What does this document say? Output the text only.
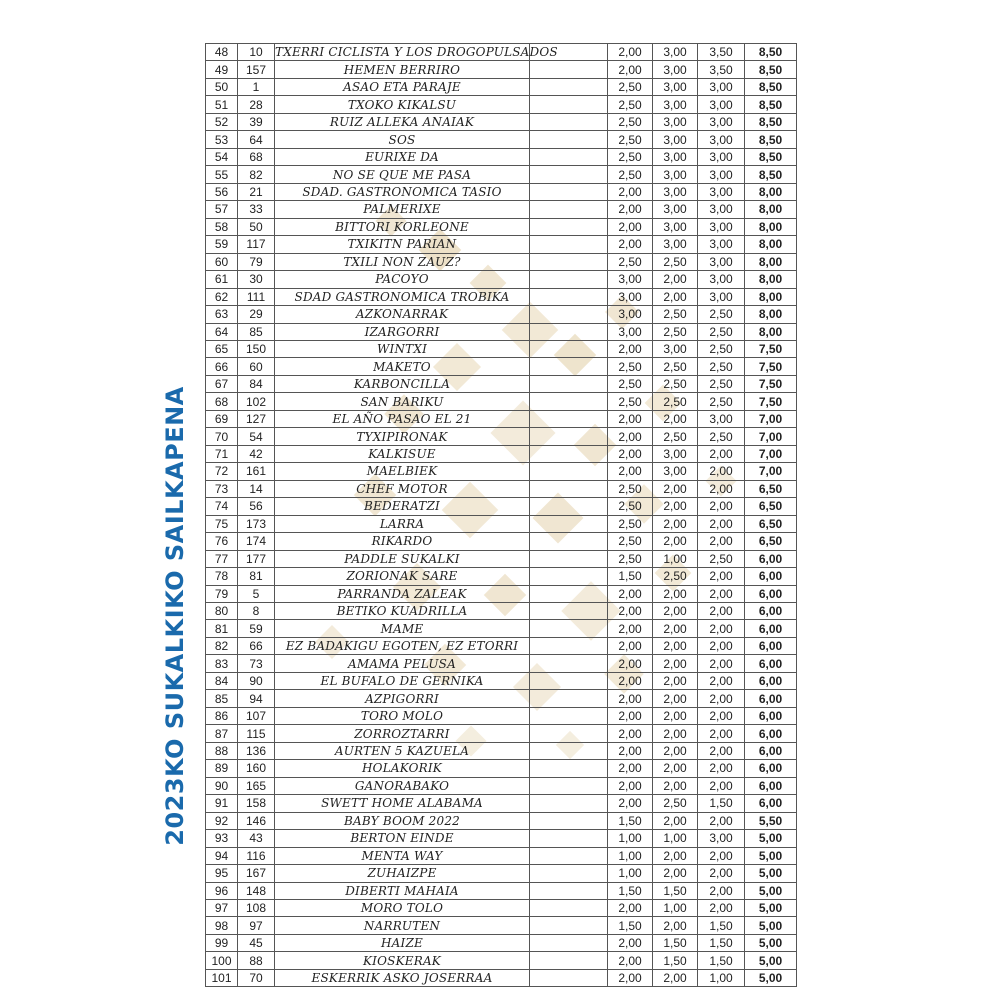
2023KO SUKALKIKO SAILKAPENA
48	10	TXERRI CICLISTA Y LOS DROGOPULSADOS		2,00	3,00	3,50	8,50
49	157	HEMEN BERRIRO		2,00	3,00	3,50	8,50
50	1	ASAO ETA PARAJE		2,50	3,00	3,00	8,50
51	28	TXOKO KIKALSU		2,50	3,00	3,00	8,50
52	39	RUIZ ALLEKA ANAIAK		2,50	3,00	3,00	8,50
53	64	SOS		2,50	3,00	3,00	8,50
54	68	EURIXE DA		2,50	3,00	3,00	8,50
55	82	NO SE QUE ME PASA		2,50	3,00	3,00	8,50
56	21	SDAD. GASTRONOMICA TASIO		2,00	3,00	3,00	8,00
57	33	PALMERIXE		2,00	3,00	3,00	8,00
58	50	BITTORI KORLEONE		2,00	3,00	3,00	8,00
59	117	TXIKITN PARIAN		2,00	3,00	3,00	8,00
60	79	TXILI NON ZAUZ?		2,50	2,50	3,00	8,00
61	30	PACOYO		3,00	2,00	3,00	8,00
62	111	SDAD GASTRONOMICA TROBIKA		3,00	2,00	3,00	8,00
63	29	AZKONARRAK		3,00	2,50	2,50	8,00
64	85	IZARGORRI		3,00	2,50	2,50	8,00
65	150	WINTXI		2,00	3,00	2,50	7,50
66	60	MAKETO		2,50	2,50	2,50	7,50
67	84	KARBONCILLA		2,50	2,50	2,50	7,50
68	102	SAN BARIKU		2,50	2,50	2,50	7,50
69	127	EL AÑO PASAO EL 21		2,00	2,00	3,00	7,00
70	54	TYXIPIRONAK		2,00	2,50	2,50	7,00
71	42	KALKISUE		2,00	3,00	2,00	7,00
72	161	MAELBIEK		2,00	3,00	2,00	7,00
73	14	CHEF MOTOR		2,50	2,00	2,00	6,50
74	56	BEDERATZI		2,50	2,00	2,00	6,50
75	173	LARRA		2,50	2,00	2,00	6,50
76	174	RIKARDO		2,50	2,00	2,00	6,50
77	177	PADDLE SUKALKI		2,50	1,00	2,50	6,00
78	81	ZORIONAK SARE		1,50	2,50	2,00	6,00
79	5	PARRANDA ZALEAK		2,00	2,00	2,00	6,00
80	8	BETIKO KUADRILLA		2,00	2,00	2,00	6,00
81	59	MAME		2,00	2,00	2,00	6,00
82	66	EZ BADAKIGU EGOTEN, EZ ETORRI		2,00	2,00	2,00	6,00
83	73	AMAMA PELUSA		2,00	2,00	2,00	6,00
84	90	EL BUFALO DE GERNIKA		2,00	2,00	2,00	6,00
85	94	AZPIGORRI		2,00	2,00	2,00	6,00
86	107	TORO MOLO		2,00	2,00	2,00	6,00
87	115	ZORROZTARRI		2,00	2,00	2,00	6,00
88	136	AURTEN 5 KAZUELA		2,00	2,00	2,00	6,00
89	160	HOLAKORIK		2,00	2,00	2,00	6,00
90	165	GANORABAKO		2,00	2,00	2,00	6,00
91	158	SWETT HOME ALABAMA		2,00	2,50	1,50	6,00
92	146	BABY BOOM 2022		1,50	2,00	2,00	5,50
93	43	BERTON EINDE		1,00	1,00	3,00	5,00
94	116	MENTA WAY		1,00	2,00	2,00	5,00
95	167	ZUHAIZPE		1,00	2,00	2,00	5,00
96	148	DIBERTI MAHAIA		1,50	1,50	2,00	5,00
97	108	MORO TOLO		2,00	1,00	2,00	5,00
98	97	NARRUTEN		1,50	2,00	1,50	5,00
99	45	HAIZE		2,00	1,50	1,50	5,00
100	88	KIOSKERAK		2,00	1,50	1,50	5,00
101	70	ESKERRIK ASKO JOSERRAA		2,00	2,00	1,00	5,00
